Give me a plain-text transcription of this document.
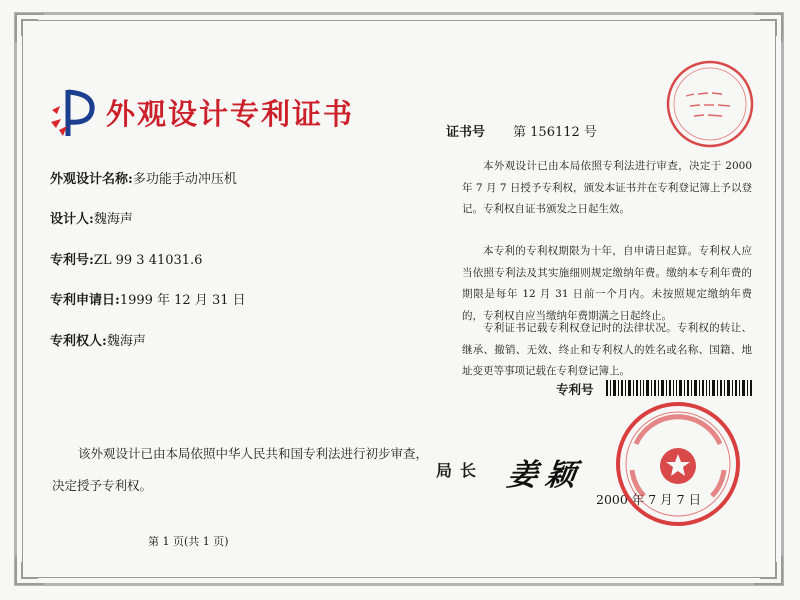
外观设计专利证书
证书号 第 156112 号
外观设计名称:多功能手动冲压机
设计人:魏海声
专利号:ZL 99 3 41031.6
专利申请日:1999 年 12 月 31 日
专利权人:魏海声
本外观设计已由本局依照专利法进行审查，决定于 2000 年 7 月 7 日授予专利权，颁发本证书并在专利登记簿上予以登记。专利权自证书颁发之日起生效。
本专利的专利权期限为十年，自申请日起算。专利权人应当依照专利法及其实施细则规定缴纳年费。缴纳本专利年费的期限是每年 12 月 31 日前一个月内。未按照规定缴纳年费的，专利权自应当缴纳年费期满之日起终止。
专利证书记载专利权登记时的法律状况。专利权的转让、继承、撤销、无效、终止和专利权人的姓名或名称、国籍、地址变更等事项记载在专利登记簿上。
专利号
该外观设计已由本局依照中华人民共和国专利法进行初步审查，决定授予专利权。
局长 姜颖
2000 年 7 月 7 日
第 1 页(共 1 页)
